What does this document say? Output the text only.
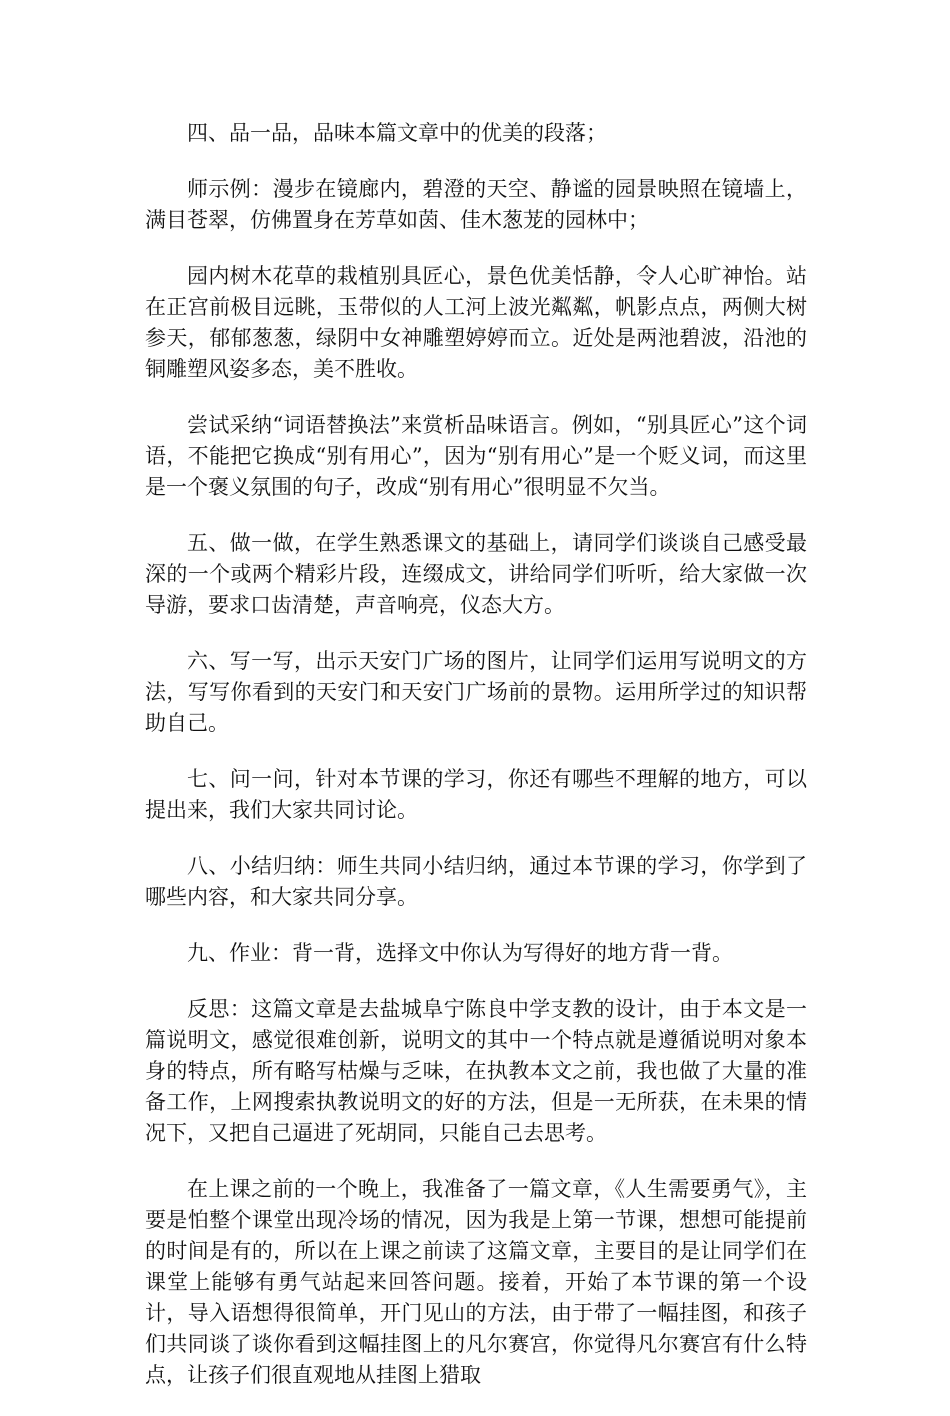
四、品一品，品味本篇文章中的优美的段落；

师示例：漫步在镜廊内，碧澄的天空、静谧的园景映照在镜墙上，满目苍翠，仿佛置身在芳草如茵、佳木葱茏的园林中；

园内树木花草的栽植别具匠心，景色优美恬静，令人心旷神怡。站在正宫前极目远眺，玉带似的人工河上波光粼粼，帆影点点，两侧大树参天，郁郁葱葱，绿阴中女神雕塑婷婷而立。近处是两池碧波，沿池的铜雕塑风姿多态，美不胜收。

尝试采纳“词语替换法”来赏析品味语言。例如，“别具匠心”这个词语，不能把它换成“别有用心”，因为“别有用心”是一个贬义词，而这里是一个褒义氛围的句子，改成“别有用心”很明显不欠当。

五、做一做，在学生熟悉课文的基础上，请同学们谈谈自己感受最深的一个或两个精彩片段，连缀成文，讲给同学们听听，给大家做一次导游，要求口齿清楚，声音响亮，仪态大方。

六、写一写，出示天安门广场的图片，让同学们运用写说明文的方法，写写你看到的天安门和天安门广场前的景物。运用所学过的知识帮助自己。

七、问一问，针对本节课的学习，你还有哪些不理解的地方，可以提出来，我们大家共同讨论。

八、小结归纳：师生共同小结归纳，通过本节课的学习，你学到了哪些内容，和大家共同分享。

九、作业：背一背，选择文中你认为写得好的地方背一背。

反思：这篇文章是去盐城阜宁陈良中学支教的设计，由于本文是一篇说明文，感觉很难创新，说明文的其中一个特点就是遵循说明对象本身的特点，所有略写枯燥与乏味，在执教本文之前，我也做了大量的准备工作，上网搜索执教说明文的好的方法，但是一无所获，在未果的情况下，又把自己逼进了死胡同，只能自己去思考。

在上课之前的一个晚上，我准备了一篇文章，《人生需要勇气》，主要是怕整个课堂出现冷场的情况，因为我是上第一节课，想想可能提前的时间是有的，所以在上课之前读了这篇文章，主要目的是让同学们在课堂上能够有勇气站起来回答问题。接着，开始了本节课的第一个设计，导入语想得很简单，开门见山的方法，由于带了一幅挂图，和孩子们共同谈了谈你看到这幅挂图上的凡尔赛宫，你觉得凡尔赛宫有什么特点，让孩子们很直观地从挂图上猎取
